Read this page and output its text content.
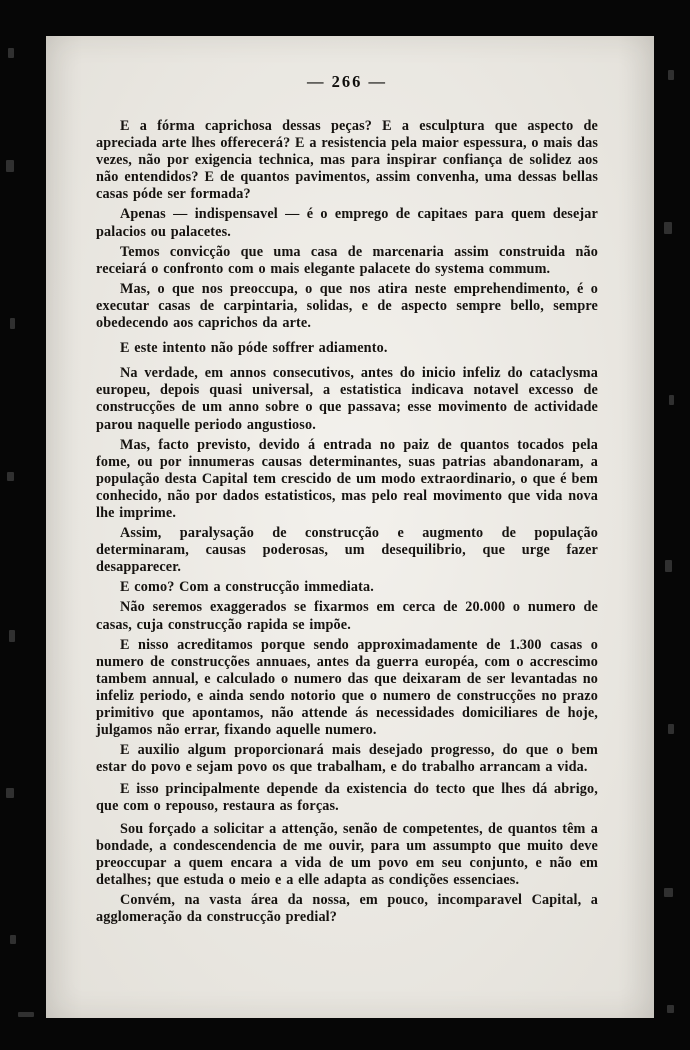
— 266 —

E a fórma caprichosa dessas peças? E a esculptura que aspecto de apreciada arte lhes offerecerá? E a resistencia pela maior espessura, o mais das vezes, não por exigencia technica, mas para inspirar confiança de solidez aos não entendidos? E de quantos pavimentos, assim convenha, uma dessas bellas casas póde ser formada?

Apenas — indispensavel — é o emprego de capitaes para quem desejar palacios ou palacetes.

Temos convicção que uma casa de marcenaria assim construida não receiará o confronto com o mais elegante palacete do systema commum.

Mas, o que nos preoccupa, o que nos atira neste emprehendimento, é o executar casas de carpintaria, solidas, e de aspecto sempre bello, sempre obedecendo aos caprichos da arte.

E este intento não póde soffrer adiamento.

Na verdade, em annos consecutivos, antes do inicio infeliz do cataclysma europeu, depois quasi universal, a estatistica indicava notavel excesso de construcções de um anno sobre o que passava; esse movimento de actividade parou naquelle periodo angustioso.

Mas, facto previsto, devido á entrada no paiz de quantos tocados pela fome, ou por innumeras causas determinantes, suas patrias abandonaram, a população desta Capital tem crescido de um modo extraordinario, o que é bem conhecido, não por dados estatisticos, mas pelo real movimento que vida nova lhe imprime.

Assim, paralysação de construcção e augmento de população determinaram, causas poderosas, um desequilibrio, que urge fazer desapparecer.

E como? Com a construcção immediata.

Não seremos exaggerados se fixarmos em cerca de 20.000 o numero de casas, cuja construcção rapida se impõe.

E nisso acreditamos porque sendo approximadamente de 1.300 casas o numero de construcções annuaes, antes da guerra européa, com o accrescimo tambem annual, e calculado o numero das que deixaram de ser levantadas no infeliz periodo, e ainda sendo notorio que o numero de construcções no prazo primitivo que apontamos, não attende ás necessidades domiciliares de hoje, julgamos não errar, fixando aquelle numero.

E auxilio algum proporcionará mais desejado progresso, do que o bem estar do povo e sejam povo os que trabalham, e do trabalho arrancam a vida.

E isso principalmente depende da existencia do tecto que lhes dá abrigo, que com o repouso, restaura as forças.

Sou forçado a solicitar a attenção, senão de competentes, de quantos têm a bondade, a condescendencia de me ouvir, para um assumpto que muito deve preoccupar a quem encara a vida de um povo em seu conjunto, e não em detalhes; que estuda o meio e a elle adapta as condições essenciaes.

Convém, na vasta área da nossa, em pouco, incomparavel Capital, a agglomeração da construcção predial?
